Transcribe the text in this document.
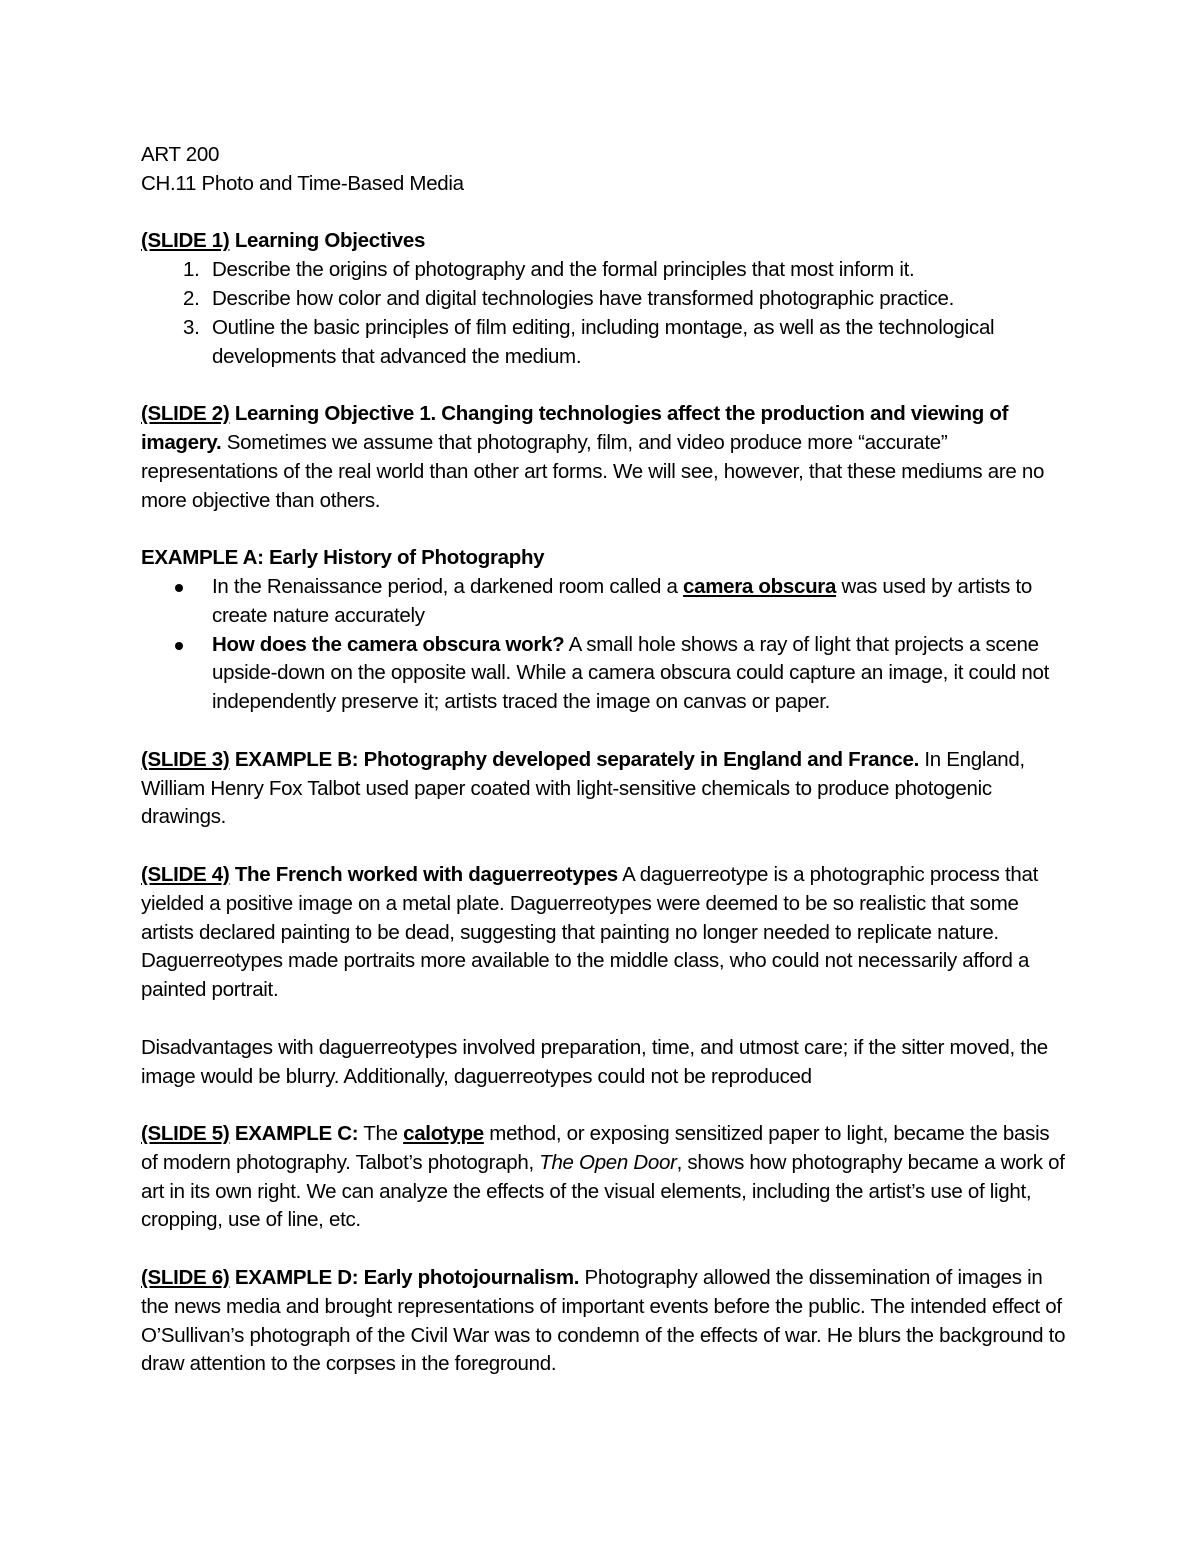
ART 200
CH.11 Photo and Time-Based Media
(SLIDE 1) Learning Objectives
1. Describe the origins of photography and the formal principles that most inform it.
2. Describe how color and digital technologies have transformed photographic practice.
3. Outline the basic principles of film editing, including montage, as well as the technological developments that advanced the medium.

(SLIDE 2) Learning Objective 1. Changing technologies affect the production and viewing of imagery. Sometimes we assume that photography, film, and video produce more “accurate” representations of the real world than other art forms. We will see, however, that these mediums are no more objective than others.

EXAMPLE A: Early History of Photography
In the Renaissance period, a darkened room called a camera obscura was used by artists to create nature accurately
How does the camera obscura work? A small hole shows a ray of light that projects a scene upside-down on the opposite wall. While a camera obscura could capture an image, it could not independently preserve it; artists traced the image on canvas or paper.

(SLIDE 3) EXAMPLE B: Photography developed separately in England and France. In England, William Henry Fox Talbot used paper coated with light-sensitive chemicals to produce photogenic drawings.

(SLIDE 4) The French worked with daguerreotypes A daguerreotype is a photographic process that yielded a positive image on a metal plate. Daguerreotypes were deemed to be so realistic that some artists declared painting to be dead, suggesting that painting no longer needed to replicate nature. Daguerreotypes made portraits more available to the middle class, who could not necessarily afford a painted portrait.

Disadvantages with daguerreotypes involved preparation, time, and utmost care; if the sitter moved, the image would be blurry. Additionally, daguerreotypes could not be reproduced

(SLIDE 5) EXAMPLE C: The calotype method, or exposing sensitized paper to light, became the basis of modern photography. Talbot’s photograph, The Open Door, shows how photography became a work of art in its own right. We can analyze the effects of the visual elements, including the artist’s use of light, cropping, use of line, etc.

(SLIDE 6) EXAMPLE D: Early photojournalism. Photography allowed the dissemination of images in the news media and brought representations of important events before the public. The intended effect of O’Sullivan’s photograph of the Civil War was to condemn of the effects of war. He blurs the background to draw attention to the corpses in the foreground.
